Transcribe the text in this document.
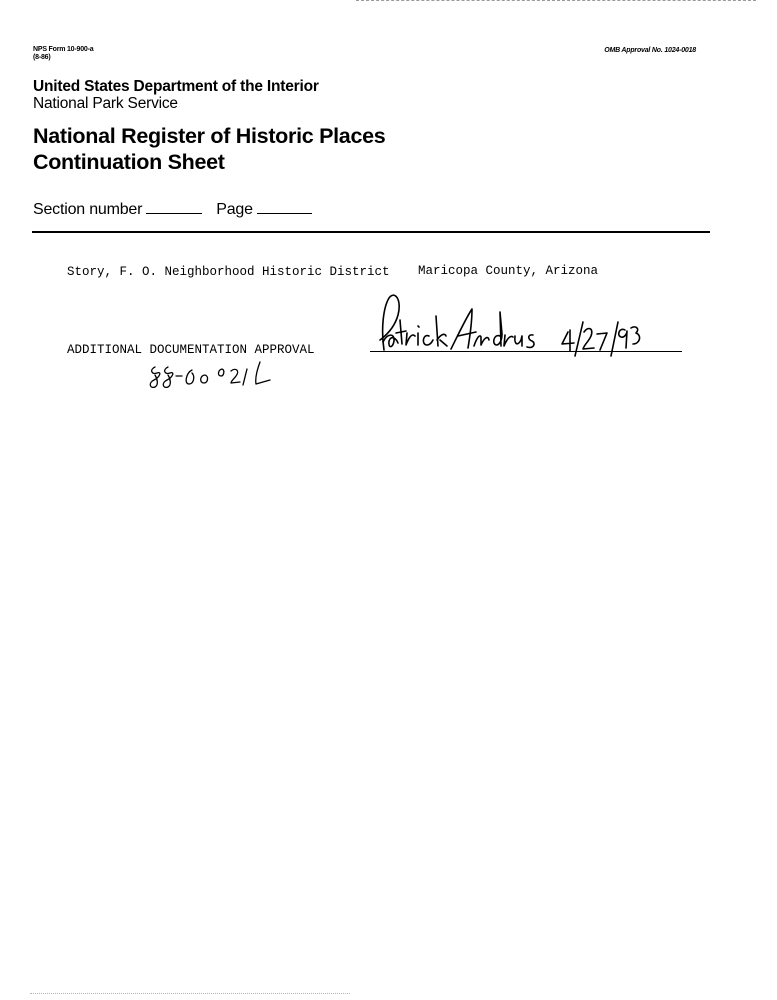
NPS Form 10-900-a
(8-86)
OMB Approval No. 1024-0018
United States Department of the Interior
National Park Service
National Register of Historic Places
Continuation Sheet
Section number	Page
Story, F. O. Neighborhood Historic District Maricopa County, Arizona
ADDITIONAL DOCUMENTATION APPROVAL
